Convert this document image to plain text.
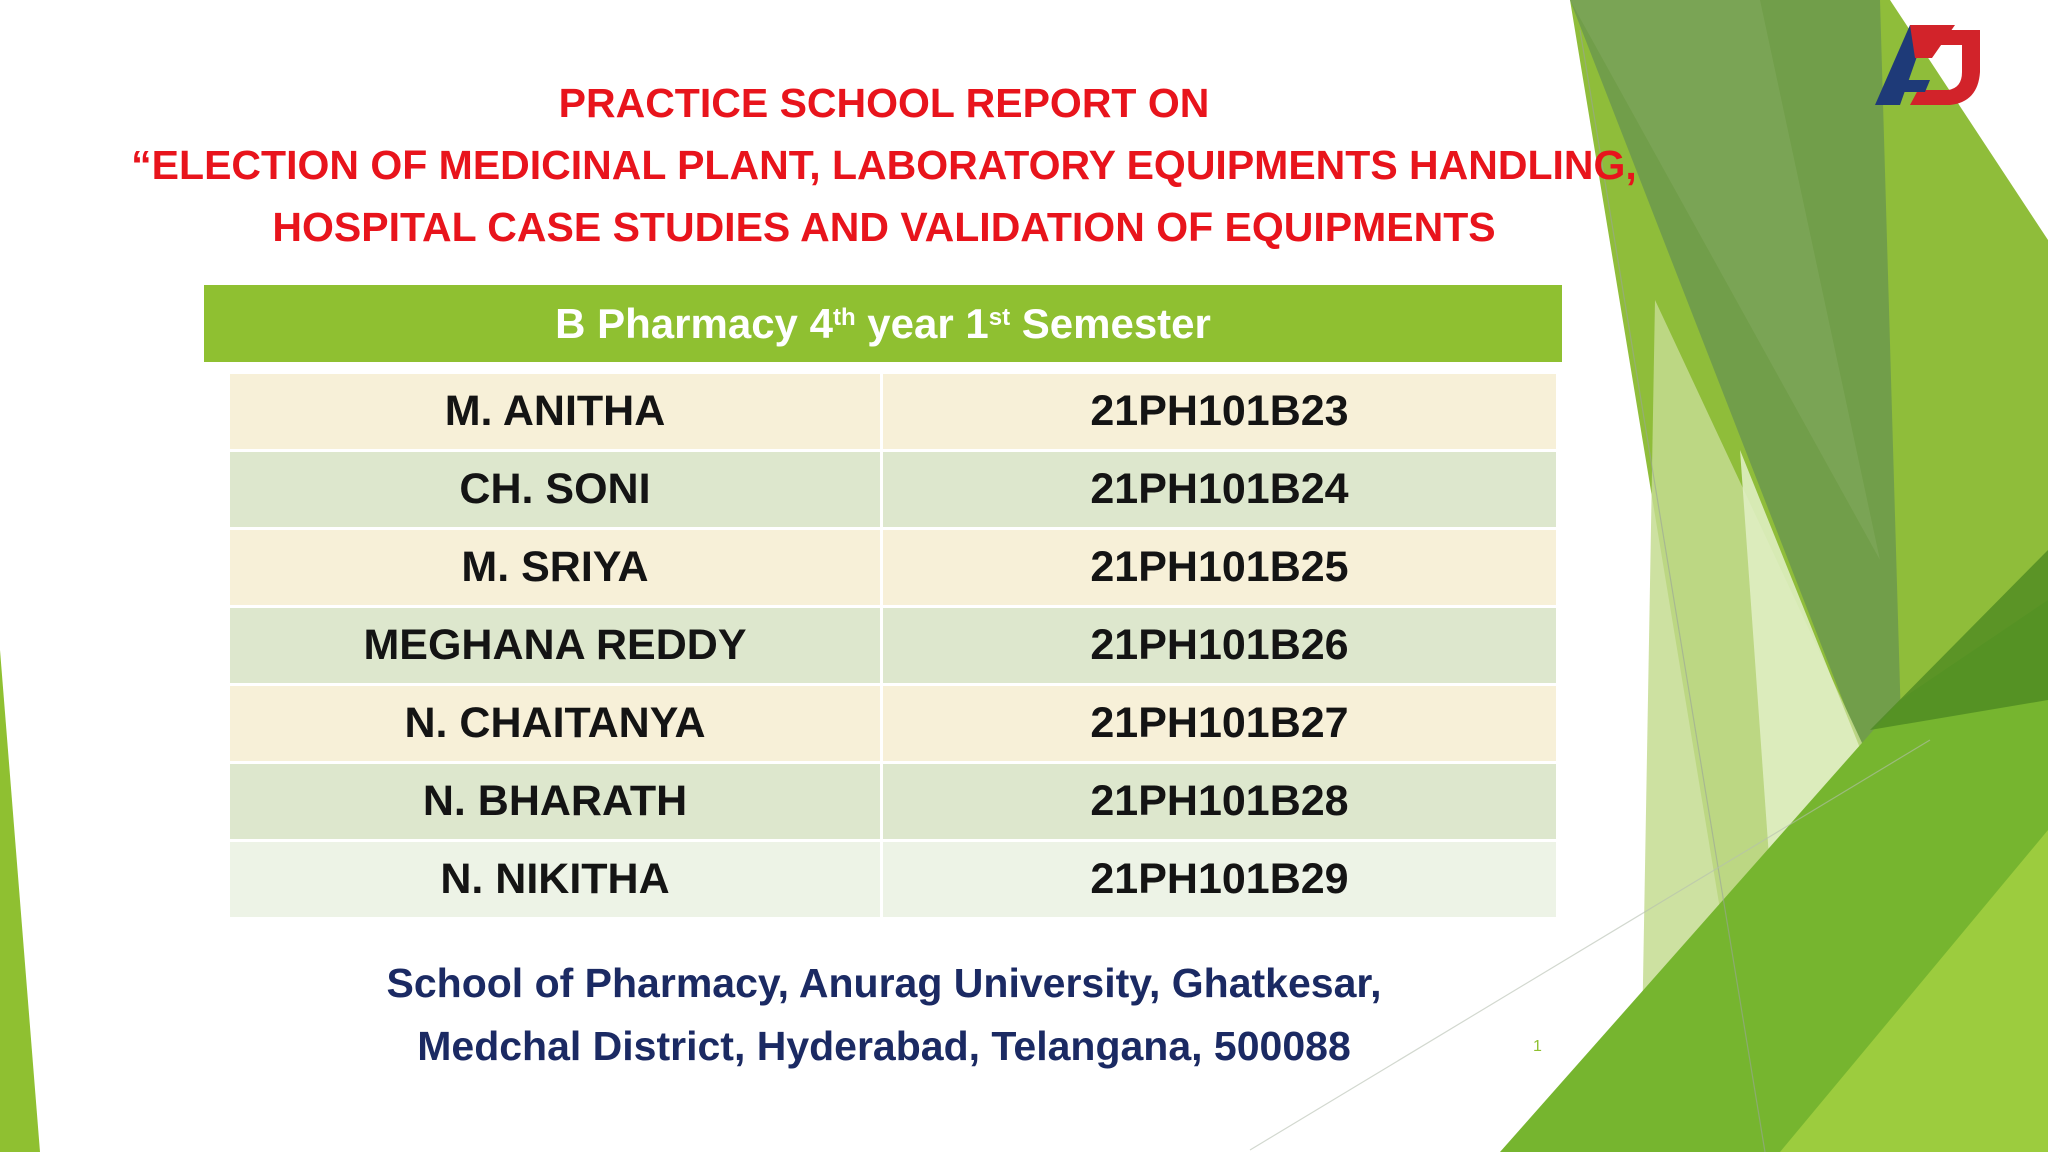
PRACTICE SCHOOL REPORT ON
“ELECTION OF MEDICINAL PLANT, LABORATORY EQUIPMENTS HANDLING,
HOSPITAL CASE STUDIES AND VALIDATION OF EQUIPMENTS
B Pharmacy 4th year 1st Semester
M. ANITHA	21PH101B23
CH. SONI	21PH101B24
M. SRIYA	21PH101B25
MEGHANA REDDY	21PH101B26
N. CHAITANYA	21PH101B27
N. BHARATH	21PH101B28
N. NIKITHA	21PH101B29
School of Pharmacy, Anurag University, Ghatkesar,
Medchal District, Hyderabad, Telangana, 500088	1
